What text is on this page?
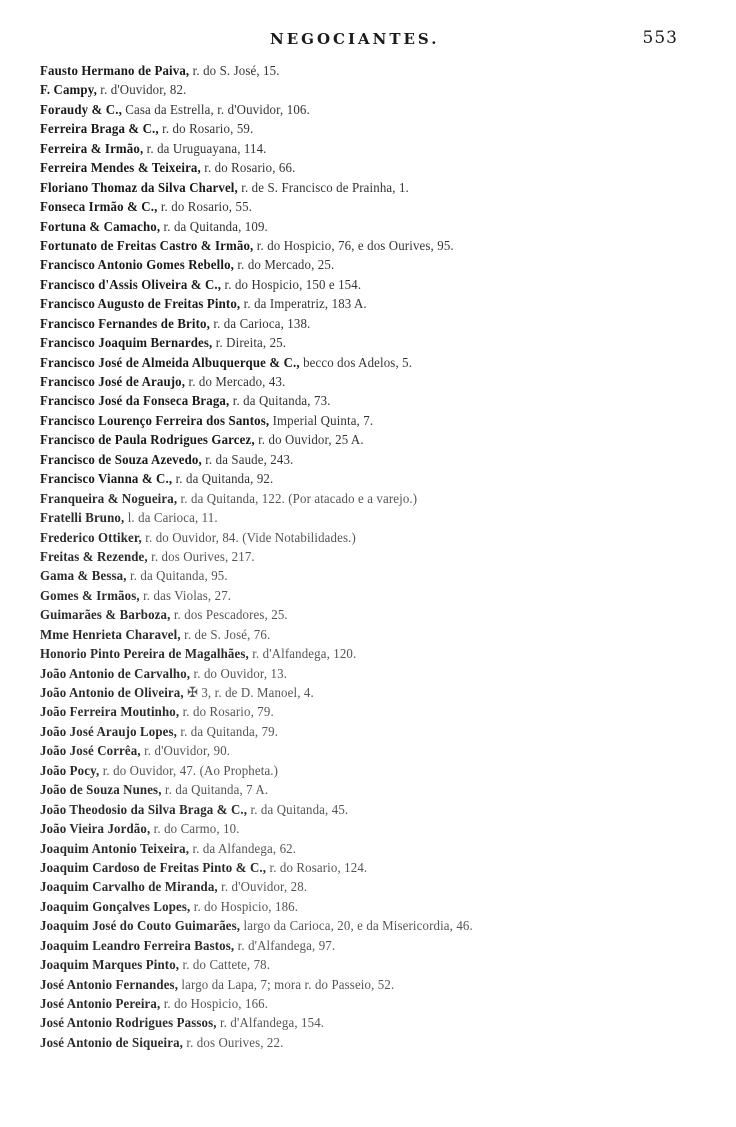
NEGOCIANTES.	553
Fausto Hermano de Paiva, r. do S. José, 15.
F. Campy, r. d'Ouvidor, 82.
Foraudy & C., Casa da Estrella, r. d'Ouvidor, 106.
Ferreira Braga & C., r. do Rosario, 59.
Ferreira & Irmão, r. da Uruguayana, 114.
Ferreira Mendes & Teixeira, r. do Rosario, 66.
Floriano Thomaz da Silva Charvel, r. de S. Francisco de Prainha, 1.
Fonseca Irmão & C., r. do Rosario, 55.
Fortuna & Camacho, r. da Quitanda, 109.
Fortunato de Freitas Castro & Irmão, r. do Hospicio, 76, e dos Ourives, 95.
Francisco Antonio Gomes Rebello, r. do Mercado, 25.
Francisco d'Assis Oliveira & C., r. do Hospicio, 150 e 154.
Francisco Augusto de Freitas Pinto, r. da Imperatriz, 183 A.
Francisco Fernandes de Brito, r. da Carioca, 138.
Francisco Joaquim Bernardes, r. Direita, 25.
Francisco José de Almeida Albuquerque & C., becco dos Adelos, 5.
Francisco José de Araujo, r. do Mercado, 43.
Francisco José da Fonseca Braga, r. da Quitanda, 73.
Francisco Lourenço Ferreira dos Santos, Imperial Quinta, 7.
Francisco de Paula Rodrigues Garcez, r. do Ouvidor, 25 A.
Francisco de Souza Azevedo, r. da Saude, 243.
Francisco Vianna & C., r. da Quitanda, 92.
Franqueira & Nogueira, r. da Quitanda, 122. (Por atacado e a varejo.)
Fratelli Bruno, l. da Carioca, 11.
Frederico Ottiker, r. do Ouvidor, 84. (Vide Notabilidades.)
Freitas & Rezende, r. dos Ourives, 217.
Gama & Bessa, r. da Quitanda, 95.
Gomes & Irmãos, r. das Violas, 27.
Guimarães & Barboza, r. dos Pescadores, 25.
Mme Henrieta Charavel, r. de S. José, 76.
Honorio Pinto Pereira de Magalhães, r. d'Alfandega, 120.
João Antonio de Carvalho, r. do Ouvidor, 13.
João Antonio de Oliveira, ✠ 3, r. de D. Manoel, 4.
João Ferreira Moutinho, r. do Rosario, 79.
João José Araujo Lopes, r. da Quitanda, 79.
João José Corrêa, r. d'Ouvidor, 90.
João Pocy, r. do Ouvidor, 47. (Ao Propheta.)
João de Souza Nunes, r. da Quitanda, 7 A.
João Theodosio da Silva Braga & C., r. da Quitanda, 45.
João Vieira Jordão, r. do Carmo, 10.
Joaquim Antonio Teixeira, r. da Alfandega, 62.
Joaquim Cardoso de Freitas Pinto & C., r. do Rosario, 124.
Joaquim Carvalho de Miranda, r. d'Ouvidor, 28.
Joaquim Gonçalves Lopes, r. do Hospicio, 186.
Joaquim José do Couto Guimarães, largo da Carioca, 20, e da Misericordia, 46.
Joaquim Leandro Ferreira Bastos, r. d'Alfandega, 97.
Joaquim Marques Pinto, r. do Cattete, 78.
José Antonio Fernandes, largo da Lapa, 7; mora r. do Passeio, 52.
José Antonio Pereira, r. do Hospicio, 166.
José Antonio Rodrigues Passos, r. d'Alfandega, 154.
José Antonio de Siqueira, r. dos Ourives, 22.
